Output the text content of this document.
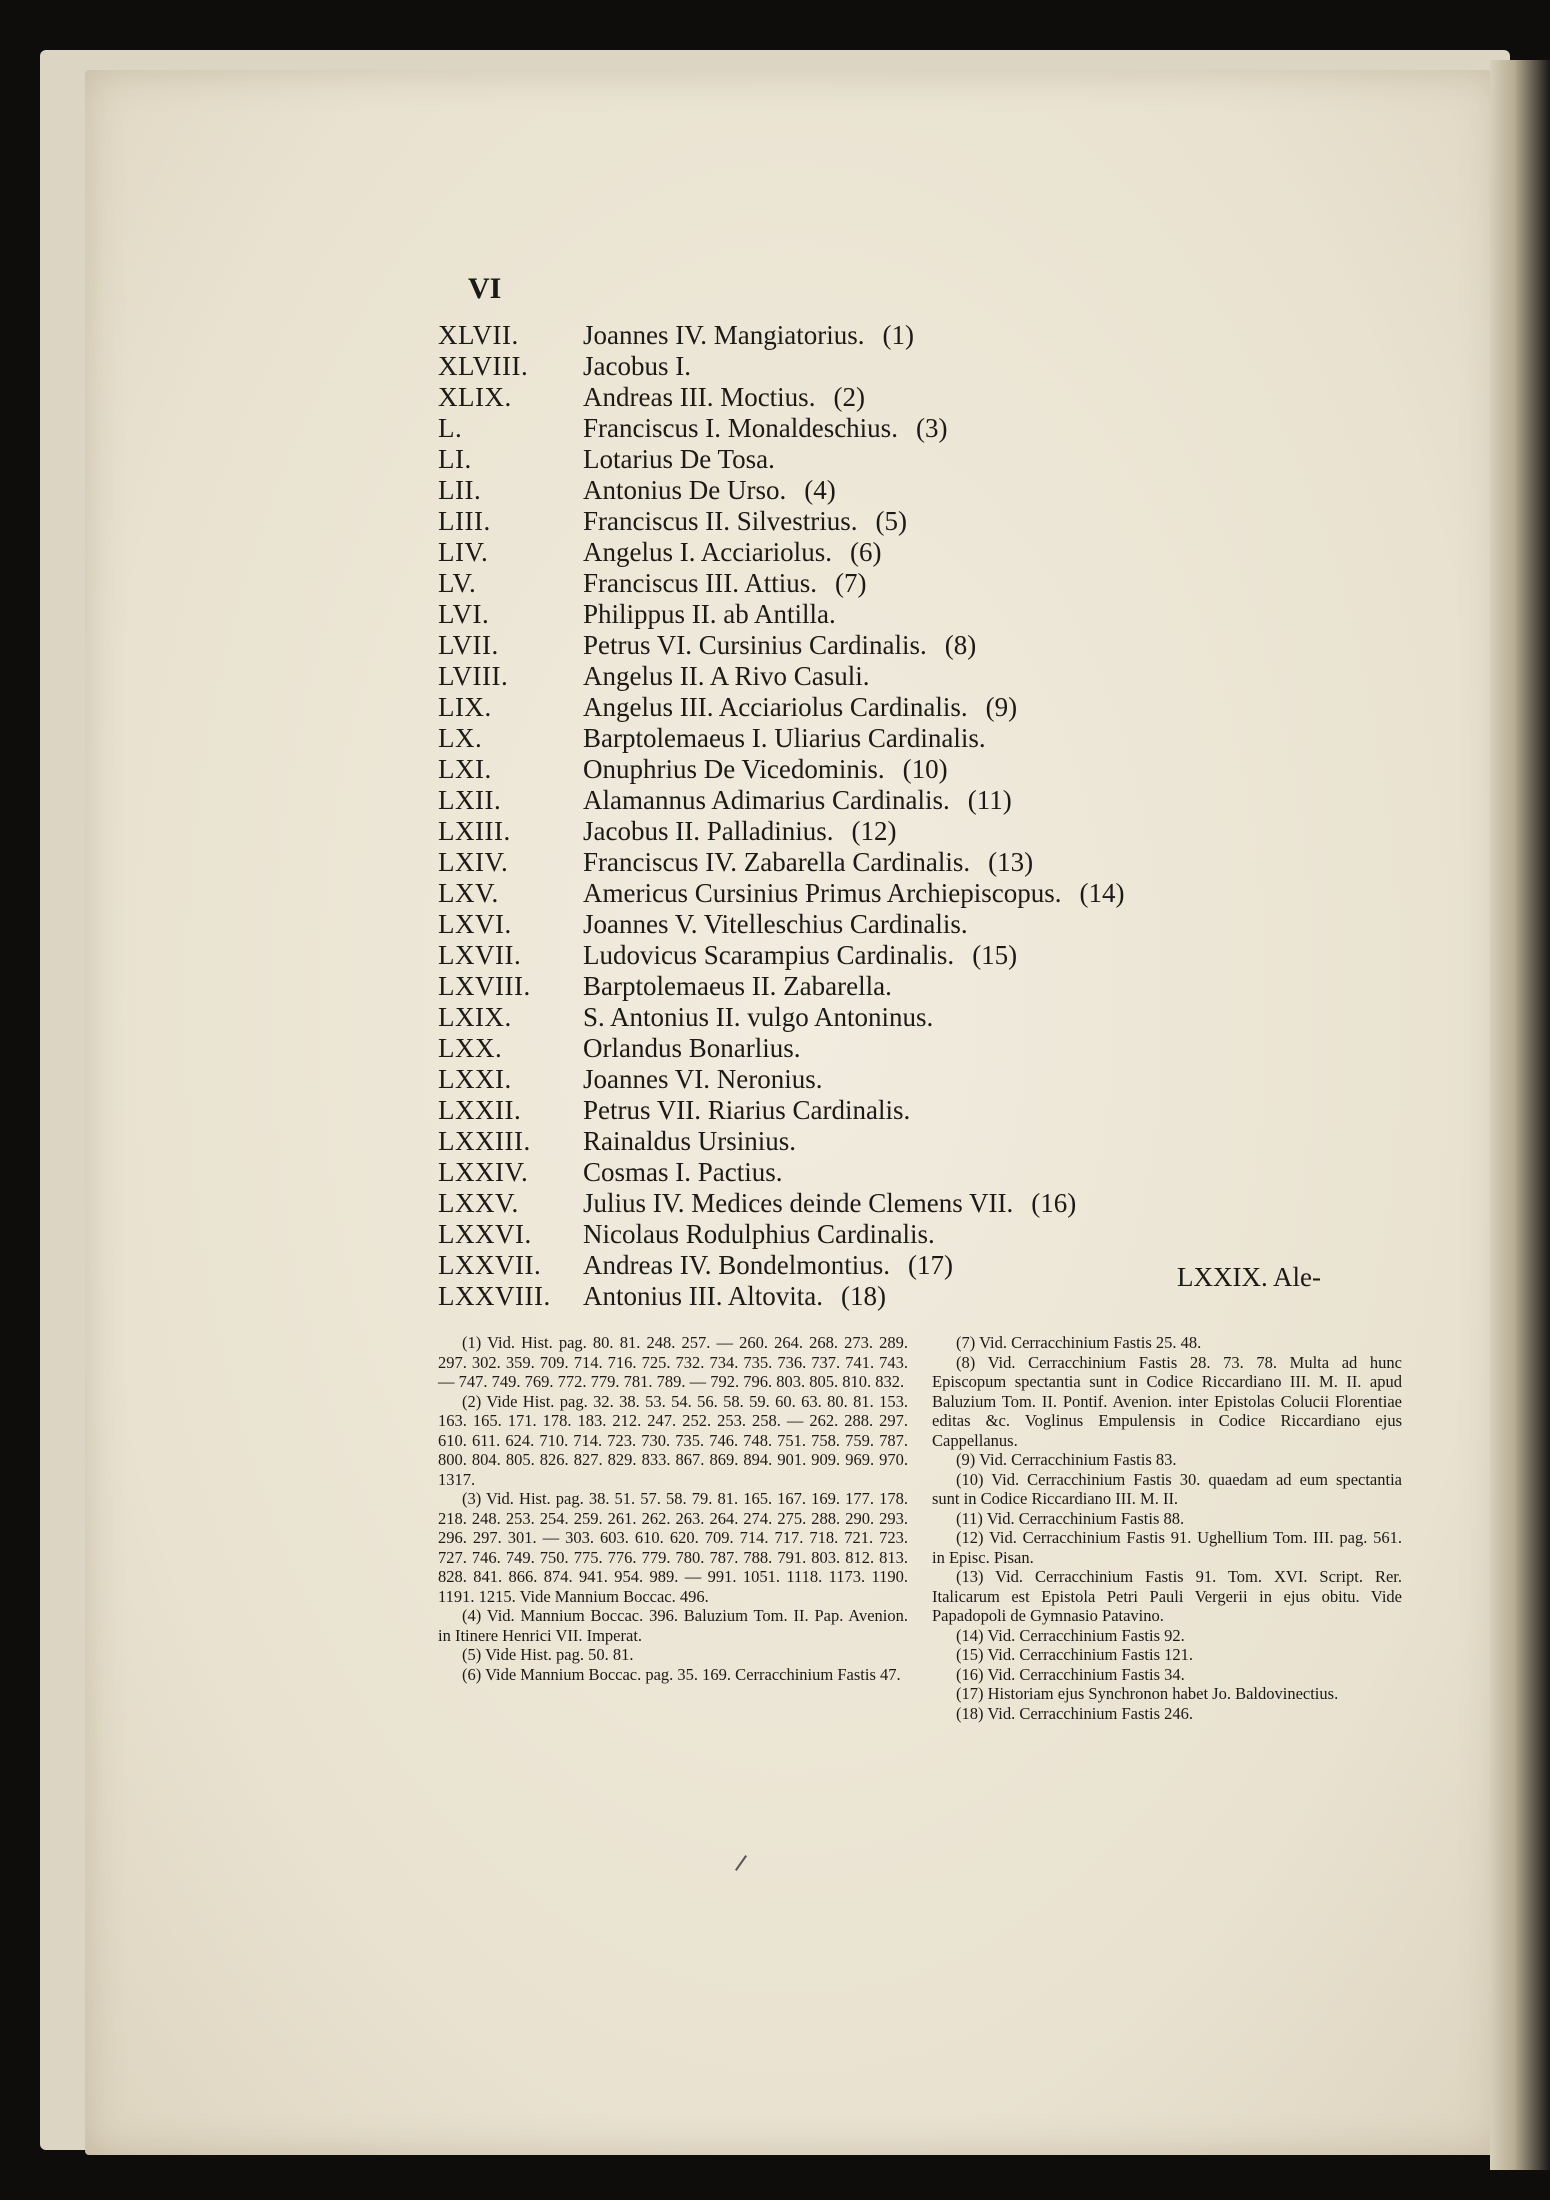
VI
XLVII.	Joannes IV. Mangiatorius. (1)
XLVIII.	Jacobus I.
XLIX.	Andreas III. Moctius. (2)
L.	Franciscus I. Monaldeschius. (3)
LI.	Lotarius De Tosa.
LII.	Antonius De Urso. (4)
LIII.	Franciscus II. Silvestrius. (5)
LIV.	Angelus I. Acciariolus. (6)
LV.	Franciscus III. Attius. (7)
LVI.	Philippus II. ab Antilla.
LVII.	Petrus VI. Cursinius Cardinalis. (8)
LVIII.	Angelus II. A Rivo Casuli.
LIX.	Angelus III. Acciariolus Cardinalis. (9)
LX.	Barptolemaeus I. Uliarius Cardinalis.
LXI.	Onuphrius De Vicedominis. (10)
LXII.	Alamannus Adimarius Cardinalis. (11)
LXIII.	Jacobus II. Palladinius. (12)
LXIV.	Franciscus IV. Zabarella Cardinalis. (13)
LXV.	Americus Cursinius Primus Archiepiscopus. (14)
LXVI.	Joannes V. Vitelleschius Cardinalis.
LXVII.	Ludovicus Scarampius Cardinalis. (15)
LXVIII.	Barptolemaeus II. Zabarella.
LXIX.	S. Antonius II. vulgo Antoninus.
LXX.	Orlandus Bonarlius.
LXXI.	Joannes VI. Neronius.
LXXII.	Petrus VII. Riarius Cardinalis.
LXXIII.	Rainaldus Ursinius.
LXXIV.	Cosmas I. Pactius.
LXXV.	Julius IV. Medices deinde Clemens VII. (16)
LXXVI.	Nicolaus Rodulphius Cardinalis.
LXXVII.	Andreas IV. Bondelmontius. (17)
LXXVIII.	Antonius III. Altovita. (18)
LXXIX. Ale-

(1) Vid. Hist. pag. 80. 81. 248. 257. — 260. 264. 268. 273. 289. 297. 302. 359. 709. 714. 716. 725. 732. 734. 735. 736. 737. 741. 743. — 747. 749. 769. 772. 779. 781. 789. — 792. 796. 803. 805. 810. 832.

(2) Vide Hist. pag. 32. 38. 53. 54. 56. 58. 59. 60. 63. 80. 81. 153. 163. 165. 171. 178. 183. 212. 247. 252. 253. 258. — 262. 288. 297. 610. 611. 624. 710. 714. 723. 730. 735. 746. 748. 751. 758. 759. 787. 800. 804. 805. 826. 827. 829. 833. 867. 869. 894. 901. 909. 969. 970. 1317.

(3) Vid. Hist. pag. 38. 51. 57. 58. 79. 81. 165. 167. 169. 177. 178. 218. 248. 253. 254. 259. 261. 262. 263. 264. 274. 275. 288. 290. 293. 296. 297. 301. — 303. 603. 610. 620. 709. 714. 717. 718. 721. 723. 727. 746. 749. 750. 775. 776. 779. 780. 787. 788. 791. 803. 812. 813. 828. 841. 866. 874. 941. 954. 989. — 991. 1051. 1118. 1173. 1190. 1191. 1215. Vide Mannium Boccac. 496.

(4) Vid. Mannium Boccac. 396. Baluzium Tom. II. Pap. Avenion. in Itinere Henrici VII. Imperat.

(5) Vide Hist. pag. 50. 81.

(6) Vide Mannium Boccac. pag. 35. 169. Cerracchinium Fastis 47.

(7) Vid. Cerracchinium Fastis 25. 48.

(8) Vid. Cerracchinium Fastis 28. 73. 78. Multa ad hunc Episcopum spectantia sunt in Codice Riccardiano III. M. II. apud Baluzium Tom. II. Pontif. Avenion. inter Epistolas Colucii Florentiae editas &c. Voglinus Empulensis in Codice Riccardiano ejus Cappellanus.

(9) Vid. Cerracchinium Fastis 83.

(10) Vid. Cerracchinium Fastis 30. quaedam ad eum spectantia sunt in Codice Riccardiano III. M. II.

(11) Vid. Cerracchinium Fastis 88.

(12) Vid. Cerracchinium Fastis 91. Ughellium Tom. III. pag. 561. in Episc. Pisan.

(13) Vid. Cerracchinium Fastis 91. Tom. XVI. Script. Rer. Italicarum est Epistola Petri Pauli Vergerii in ejus obitu. Vide Papadopoli de Gymnasio Patavino.

(14) Vid. Cerracchinium Fastis 92.

(15) Vid. Cerracchinium Fastis 121.

(16) Vid. Cerracchinium Fastis 34.

(17) Historiam ejus Synchronon habet Jo. Baldovinectius.

(18) Vid. Cerracchinium Fastis 246.
